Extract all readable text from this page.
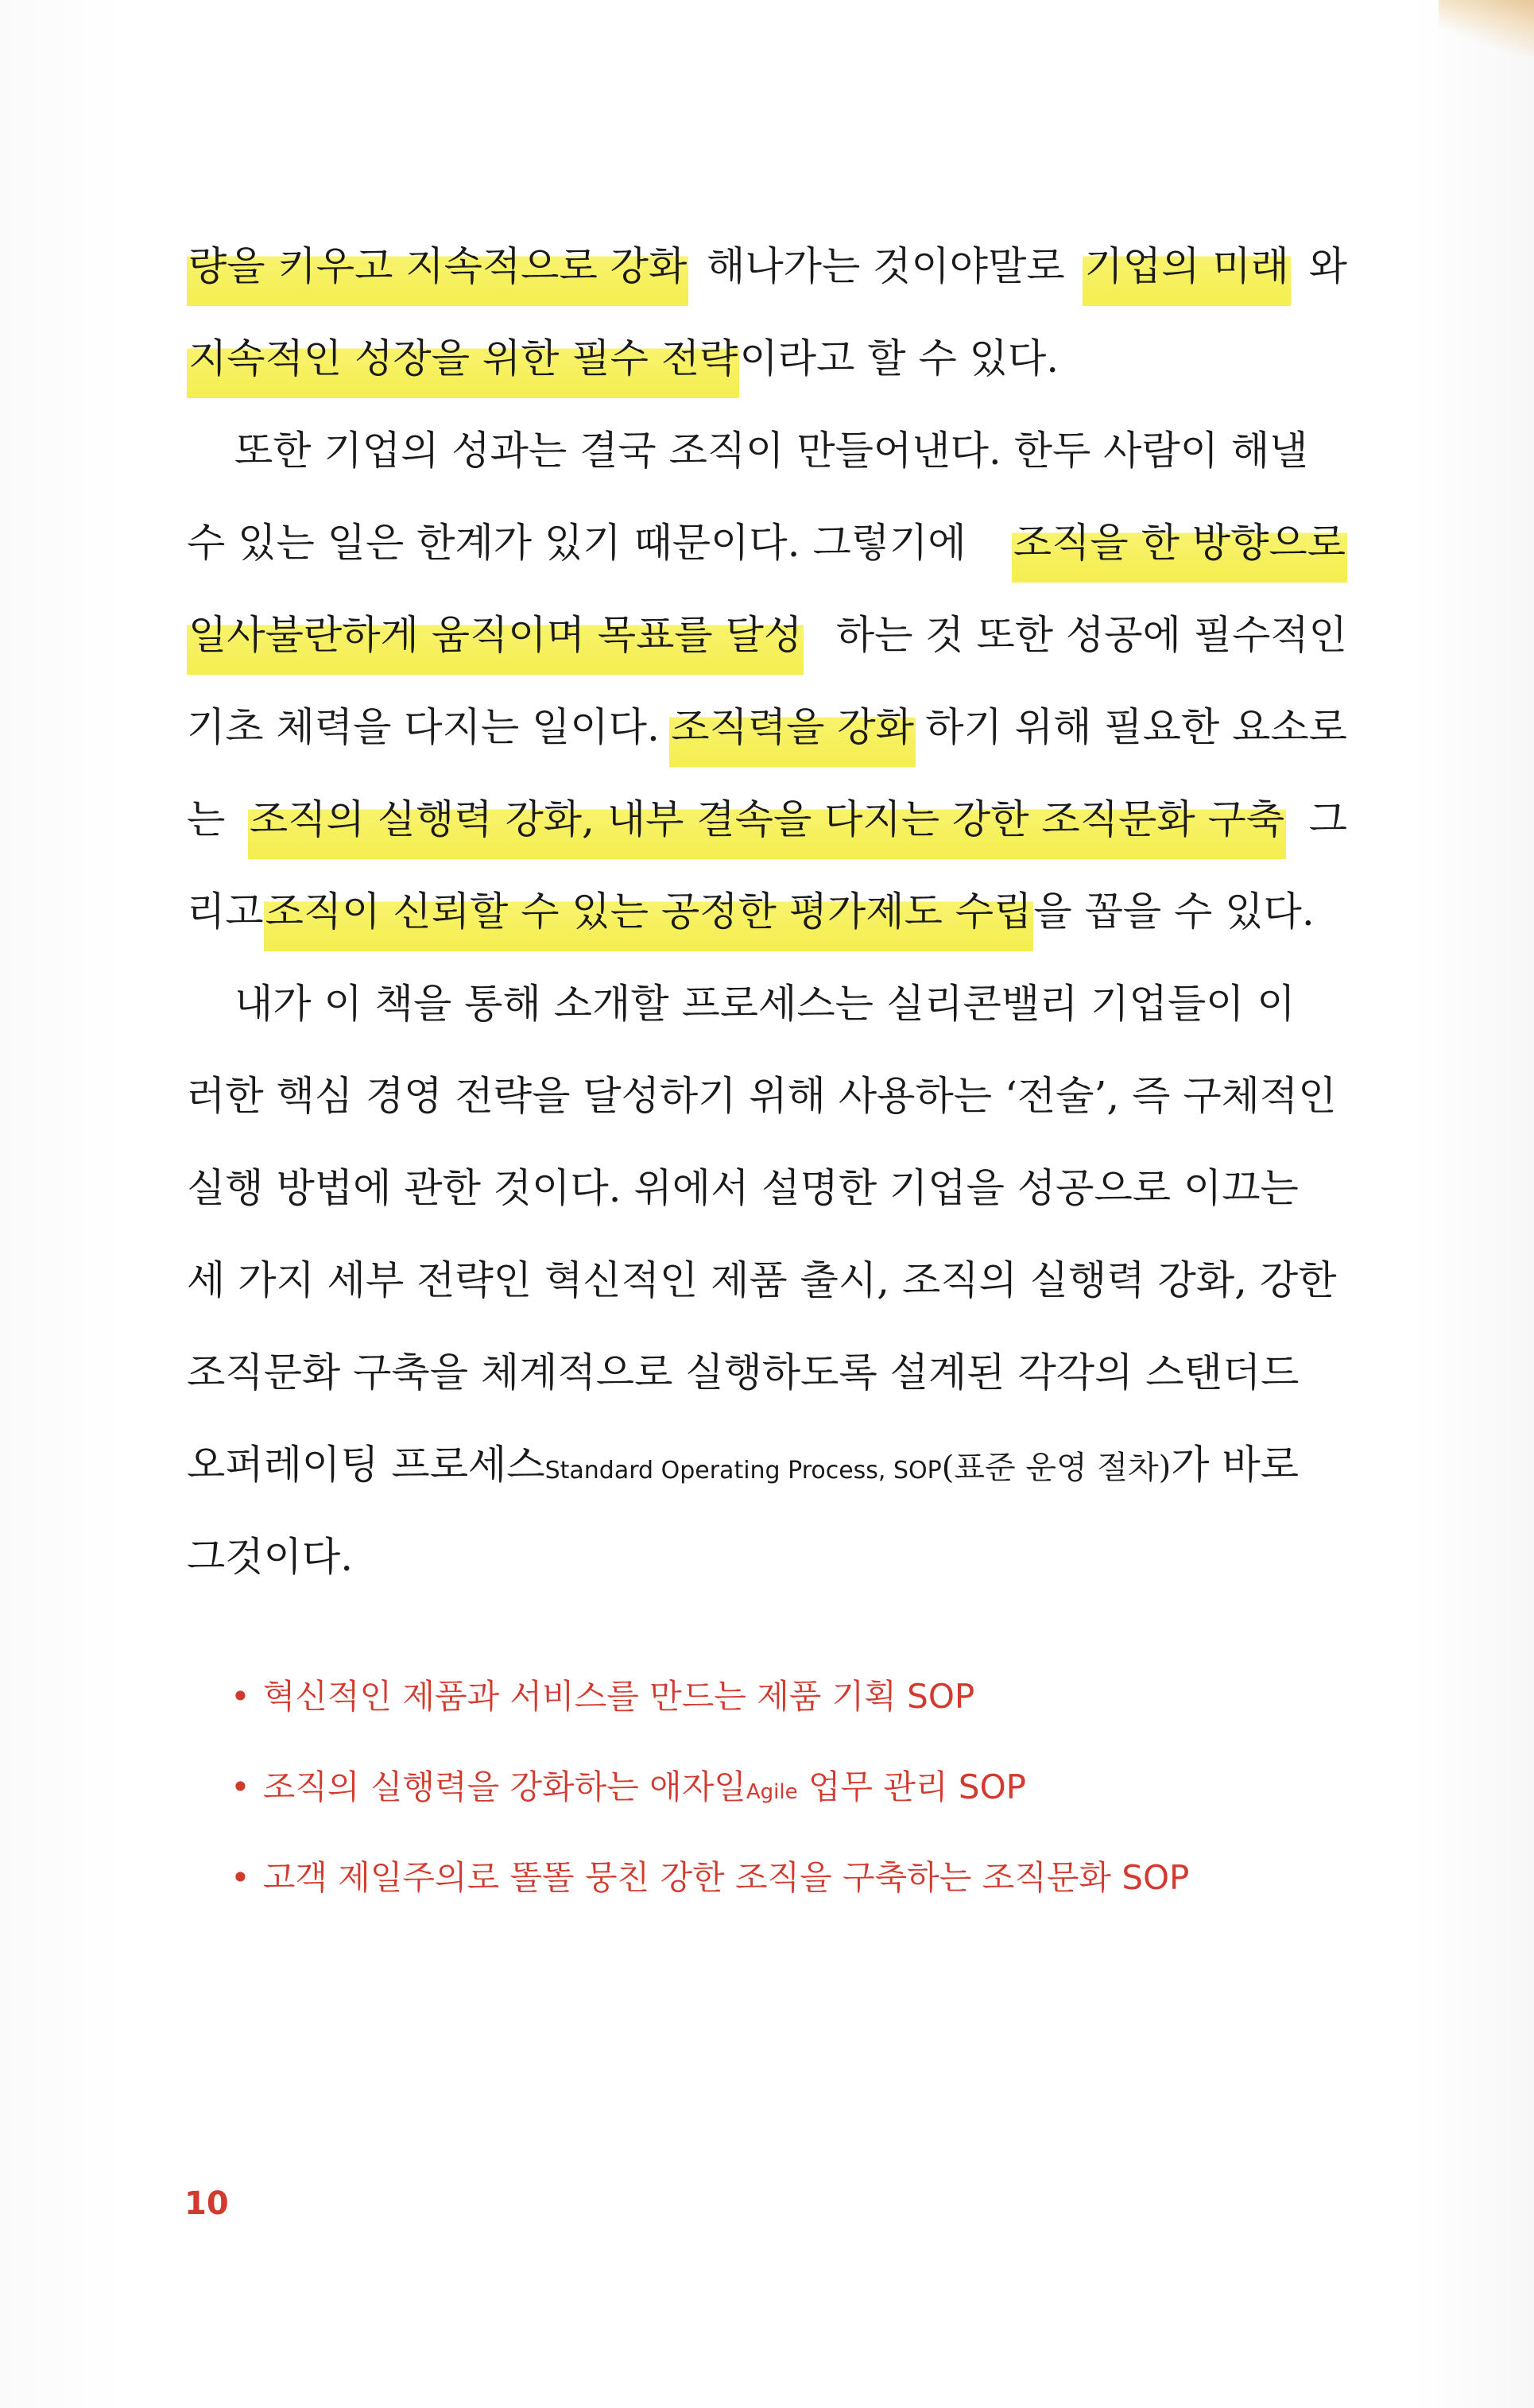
량을 키우고 지속적으로 강화 해나가는 것이야말로 기업의 미래 와
지속적인 성장을 위한 필수 전략 이라고 할 수 있다.
또한 기업의 성과는 결국 조직이 만들어낸다. 한두 사람이 해낼
수 있는 일은 한계가 있기 때문이다. 그렇기에 조직을 한 방향으로
일사불란하게 움직이며 목표를 달성 하는 것 또한 성공에 필수적인
기초 체력을 다지는 일이다. 조직력을 강화 하기 위해 필요한 요소로
는 조직의 실행력 강화, 내부 결속을 다지는 강한 조직문화 구축 그
리고 조직이 신뢰할 수 있는 공정한 평가제도 수립 을 꼽을 수 있다.
내가 이 책을 통해 소개할 프로세스는 실리콘밸리 기업들이 이
러한 핵심 경영 전략을 달성하기 위해 사용하는 ‘전술’, 즉 구체적인
실행 방법에 관한 것이다. 위에서 설명한 기업을 성공으로 이끄는
세 가지 세부 전략인 혁신적인 제품 출시, 조직의 실행력 강화, 강한
조직문화 구축을 체계적으로 실행하도록 설계된 각각의 스탠더드
오퍼레이팅 프로세스Standard Operating Process, SOP(표준 운영 절차)가 바로
그것이다.
• 혁신적인 제품과 서비스를 만드는 제품 기획 SOP
• 조직의 실행력을 강화하는 애자일Agile 업무 관리 SOP
• 고객 제일주의로 똘똘 뭉친 강한 조직을 구축하는 조직문화 SOP
10
